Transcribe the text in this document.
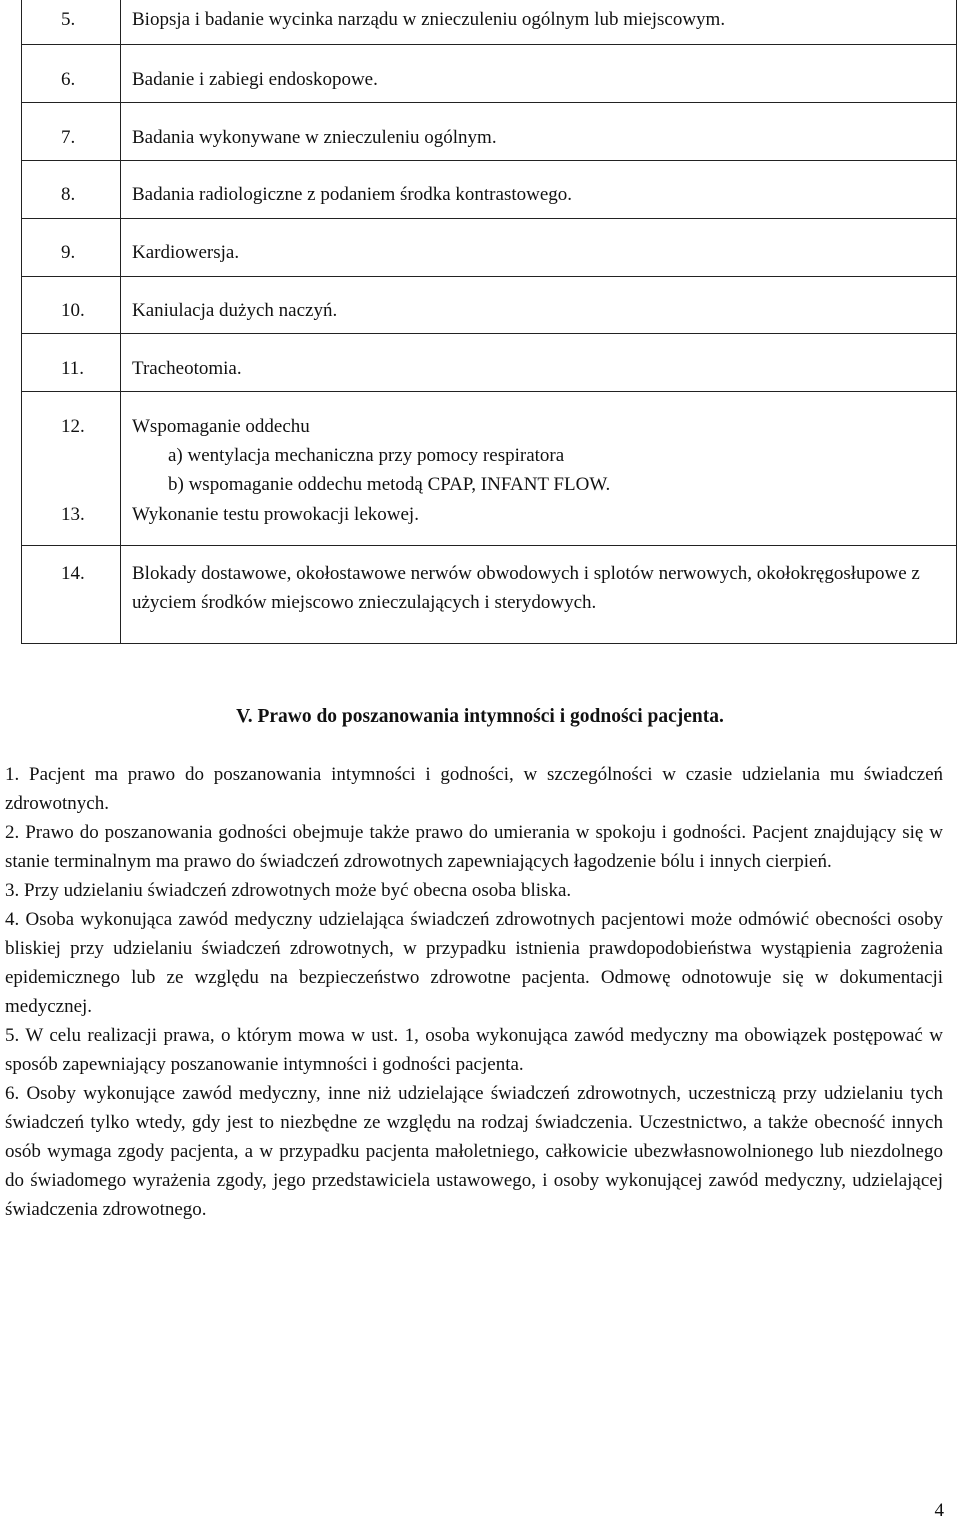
5.	Biopsja i badanie wycinka narządu w znieczuleniu ogólnym lub miejscowym.
6.	Badanie i zabiegi endoskopowe.
7.	Badania wykonywane w znieczuleniu ogólnym.
8.	Badania radiologiczne z podaniem środka kontrastowego.
9.	Kardiowersja.
10. Kaniulacja dużych naczyń.
11.	Tracheotomia.
12. Wspomaganie oddechu
a) wentylacja mechaniczna przy pomocy respiratora
b) wspomaganie oddechu metodą CPAP, INFANT FLOW.
13. Wykonanie testu prowokacji lekowej.
14. Blokady dostawowe, okołostawowe nerwów obwodowych i splotów nerwowych, okołokręgosłupowe z użyciem środków miejscowo znieczulających i sterydowych.
V. Prawo do poszanowania intymności i godności pacjenta.

1. Pacjent ma prawo do poszanowania intymności i godności, w szczególności w czasie udzielania mu świadczeń zdrowotnych.

2. Prawo do poszanowania godności obejmuje także prawo do umierania w spokoju i godności. Pacjent znajdujący się w stanie terminalnym ma prawo do świadczeń zdrowotnych zapewniających łagodzenie bólu i innych cierpień.

3. Przy udzielaniu świadczeń zdrowotnych może być obecna osoba bliska.

4. Osoba wykonująca zawód medyczny udzielająca świadczeń zdrowotnych pacjentowi może odmówić obecności osoby bliskiej przy udzielaniu świadczeń zdrowotnych, w przypadku istnienia prawdopodobieństwa wystąpienia zagrożenia epidemicznego lub ze względu na bezpieczeństwo zdrowotne pacjenta. Odmowę odnotowuje się w dokumentacji medycznej.

5. W celu realizacji prawa, o którym mowa w ust. 1, osoba wykonująca zawód medyczny ma obowiązek postępować w sposób zapewniający poszanowanie intymności i godności pacjenta.

6. Osoby wykonujące zawód medyczny, inne niż udzielające świadczeń zdrowotnych, uczestniczą przy udzielaniu tych świadczeń tylko wtedy, gdy jest to niezbędne ze względu na rodzaj świadczenia. Uczestnictwo, a także obecność innych osób wymaga zgody pacjenta, a w przypadku pacjenta małoletniego, całkowicie ubezwłasnowolnionego lub niezdolnego do świadomego wyrażenia zgody, jego przedstawiciela ustawowego, i osoby wykonującej zawód medyczny, udzielającej świadczenia zdrowotnego.

4
